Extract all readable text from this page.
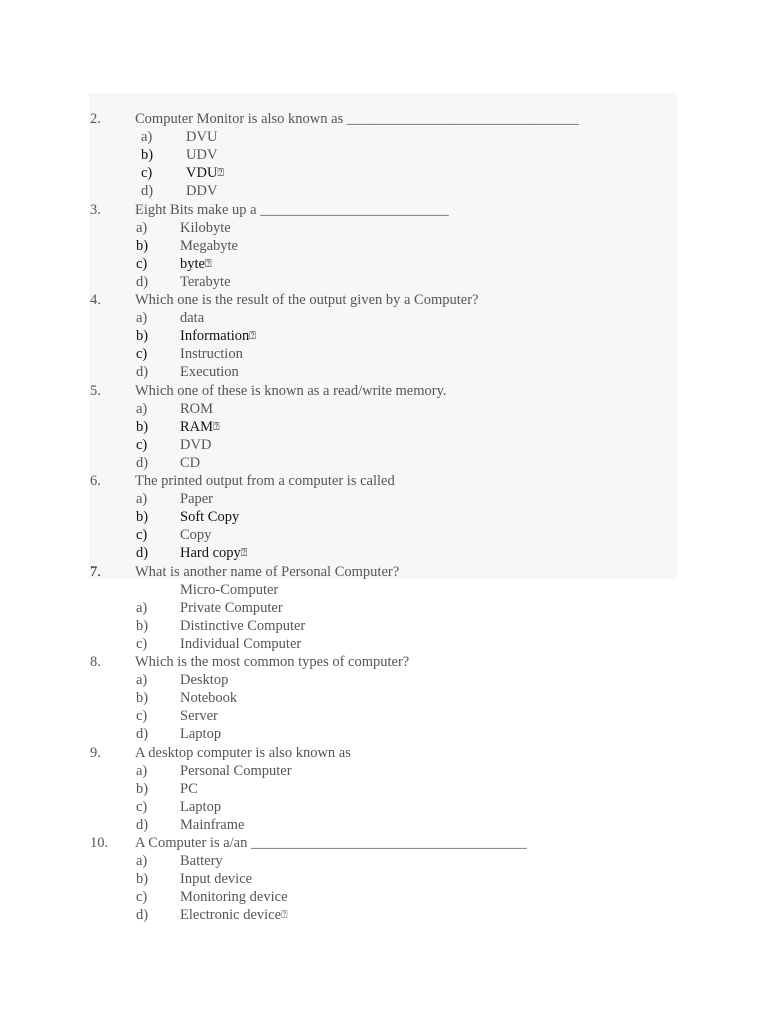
2. Computer Monitor is also known as ________________________________
a) DVU
b) UDV
c) VDU⍰
d) DDV
3. Eight Bits make up a __________________________
a) Kilobyte
b) Megabyte
c) byte⍰
d) Terabyte
4. Which one is the result of the output given by a Computer?
a) data
b) Information⍰
c) Instruction
d) Execution
5. Which one of these is known as a read/write memory.
a) ROM
b) RAM⍰
c) DVD
d) CD
6. The printed output from a computer is called
a) Paper
b) Soft Copy
c) Copy
d) Hard copy⍰
7. What is another name of Personal Computer?
Micro-Computer
a) Private Computer
b) Distinctive Computer
c) Individual Computer
8. Which is the most common types of computer?
a) Desktop
b) Notebook
c) Server
d) Laptop
9. A desktop computer is also known as
a) Personal Computer
b) PC
c) Laptop
d) Mainframe
10. A Computer is a/an ______________________________________
a) Battery
b) Input device
c) Monitoring device
d) Electronic device⍰
